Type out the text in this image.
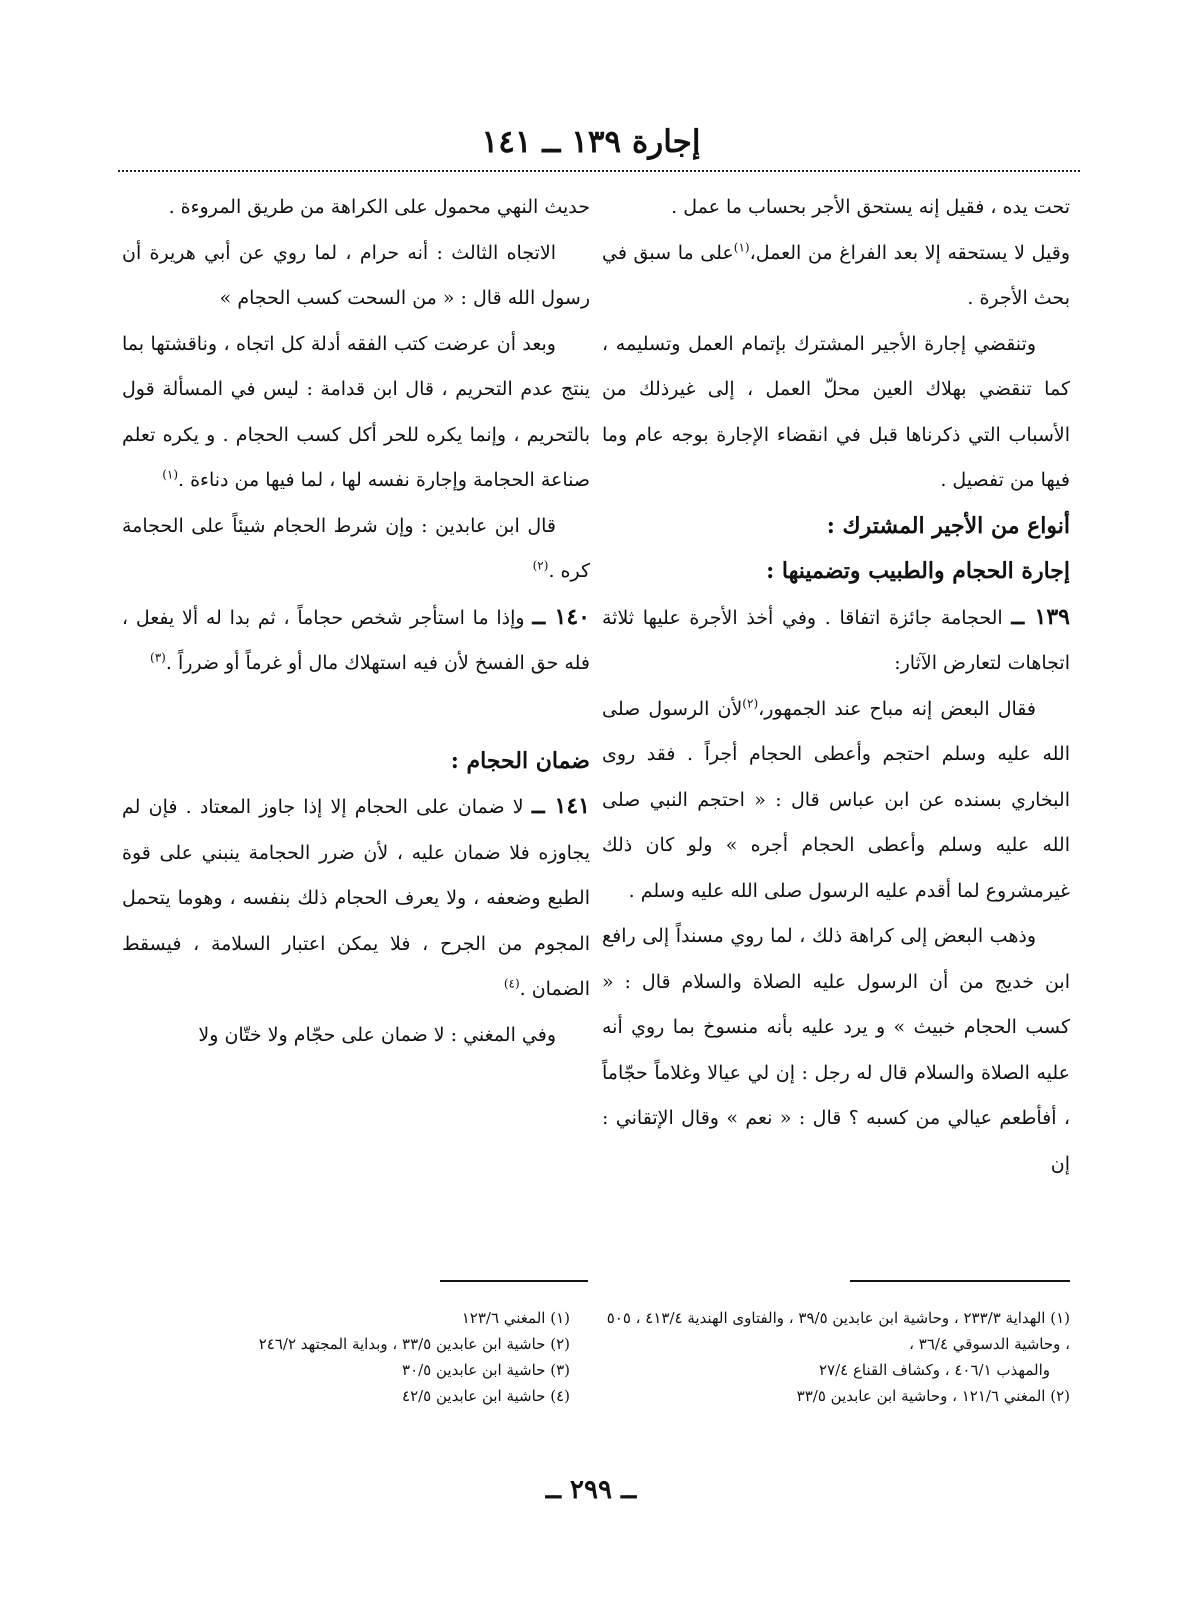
إجارة ١٣٩ ــ ١٤١

تحت يده ، فقيل إنه يستحق الأجر بحساب ما عمل .

وقيل لا يستحقه إلا بعد الفراغ من العمل،$^{(١)}$على ما سبق في بحث الأجرة .

وتنقضي إجارة الأجير المشترك بإتمام العمل وتسليمه ، كما تنقضي بهلاك العين محلّ العمل ، إلى غيرذلك من الأسباب التي ذكرناها قبل في انقضاء الإجارة بوجه عام وما فيها من تفصيل .

أنواع من الأجير المشترك :

إجارة الحجام والطبيب وتضمينها :

١٣٩ ــ الحجامة جائزة اتفاقا . وفي أخذ الأجرة عليها ثلاثة اتجاهات لتعارض الآثار:

فقال البعض إنه مباح عند الجمهور،$^{(٢)}$لأن الرسول صلى الله عليه وسلم احتجم وأعطى الحجام أجراً . فقد روى البخاري بسنده عن ابن عباس قال : « احتجم النبي صلى الله عليه وسلم وأعطى الحجام أجره » ولو كان ذلك غيرمشروع لما أقدم عليه الرسول صلى الله عليه وسلم .

وذهب البعض إلى كراهة ذلك ، لما روي مسنداً إلى رافع ابن خديج من أن الرسول عليه الصلاة والسلام قال : « كسب الحجام خبيث » و يرد عليه بأنه منسوخ بما روي أنه عليه الصلاة والسلام قال له رجل : إن لي عيالا وغلاماً حجّاماً ، أفأطعم عيالي من كسبه ؟ قال : « نعم » وقال الإتقاني : إن

حديث النهي محمول على الكراهة من طريق المروءة .

الاتجاه الثالث : أنه حرام ، لما روي عن أبي هريرة أن رسول الله قال : « من السحت كسب الحجام »

وبعد أن عرضت كتب الفقه أدلة كل اتجاه ، وناقشتها بما ينتج عدم التحريم ، قال ابن قدامة : ليس في المسألة قول بالتحريم ، وإنما يكره للحر أكل كسب الحجام . و يكره تعلم صناعة الحجامة وإجارة نفسه لها ، لما فيها من دناءة .$^{(١)}$

قال ابن عابدين : وإن شرط الحجام شيئاً على الحجامة كره .$^{(٢)}$

١٤٠ ــ وإذا ما استأجر شخص حجاماً ، ثم بدا له ألا يفعل ، فله حق الفسخ لأن فيه استهلاك مال أو غرماً أو ضرراً .$^{(٣)}$

ضمان الحجام :

١٤١ ــ لا ضمان على الحجام إلا إذا جاوز المعتاد . فإن لم يجاوزه فلا ضمان عليه ، لأن ضرر الحجامة ينبني على قوة الطبع وضعفه ، ولا يعرف الحجام ذلك بنفسه ، وهوما يتحمل المجوم من الجرح ، فلا يمكن اعتبار السلامة ، فيسقط الضمان .$^{(٤)}$

وفي المغني : لا ضمان على حجّام ولا ختّان ولا

(١) الهداية ٢٣٣/٣ ، وحاشية ابن عابدين ٣٩/٥ ، والفتاوى الهندية ٤١٣/٤ ، ٥٠٥ ، وحاشية الدسوقي ٣٦/٤ ،
والمهذب ٤٠٦/١ ، وكشاف القناع ٢٧/٤
(٢) المغني ١٢١/٦ ، وحاشية ابن عابدين ٣٣/٥
(١) المغني ١٢٣/٦
(٢) حاشية ابن عابدين ٣٣/٥ ، وبداية المجتهد ٢٤٦/٢
(٣) حاشية ابن عابدين ٣٠/٥
(٤) حاشية ابن عابدين ٤٢/٥
ــ ٢٩٩ ــ
